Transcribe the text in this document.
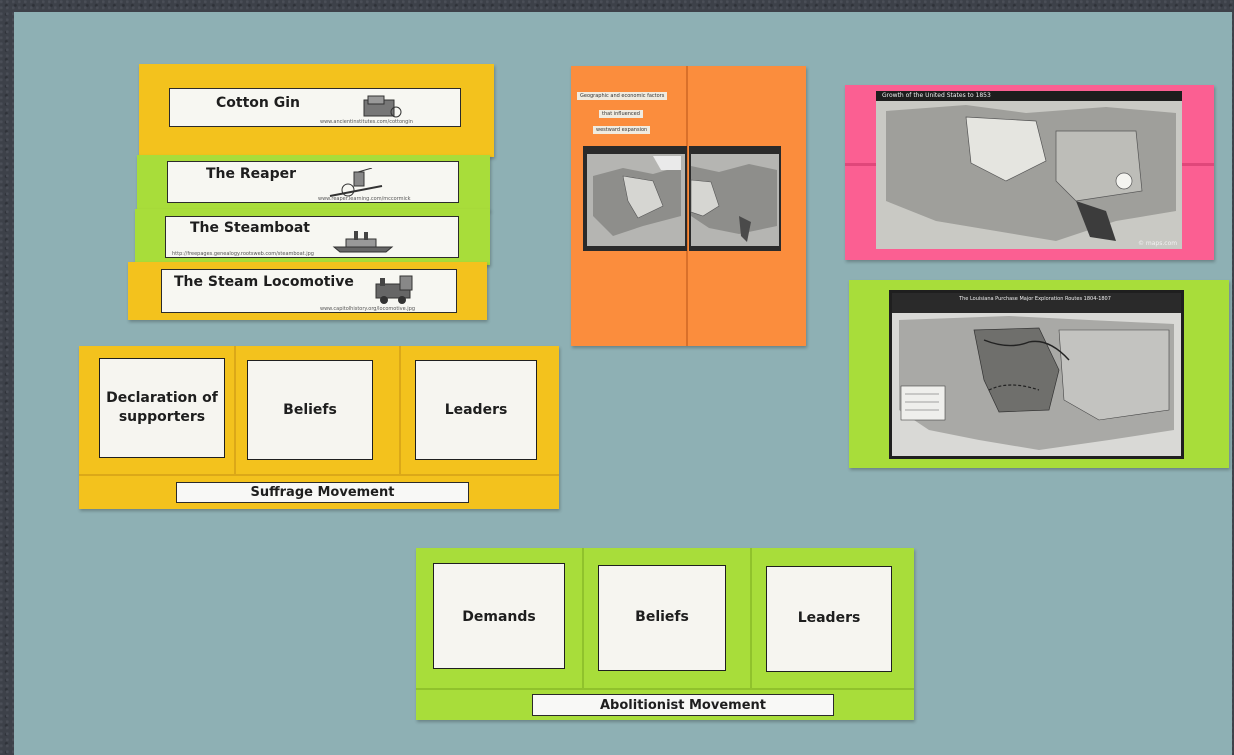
Cotton Gin
www.ancientinstitutes.com/cottongin
The Reaper
www.reaper.learning.com/mccormick
The Steamboat
http://freepages.genealogy.rootsweb.com/steamboat.jpg
The Steam Locomotive
www.capitolhistory.org/locomotive.jpg
Geographic and economic factors
that influenced
westward expansion
Growth of the United States to 1853
© maps.com
The Louisiana Purchase Major Exploration Routes 1804-1807
Declaration of supporters	Beliefs	Leaders
Suffrage Movement
Demands	Beliefs	Leaders
Abolitionist Movement
